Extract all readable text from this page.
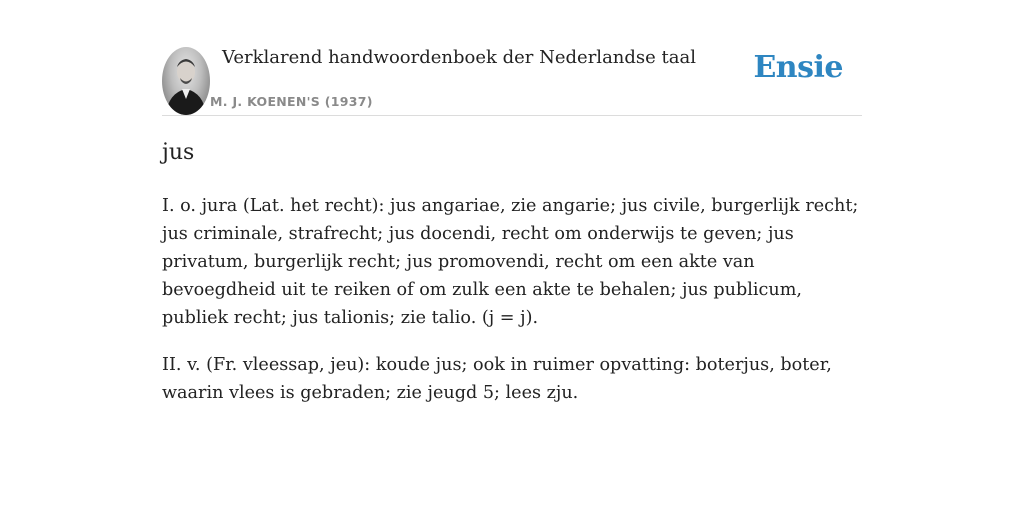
Verklarend handwoordenboek der Nederlandse taal
M. J. KOENEN'S (1937)
Ensie
jus

I. o. jura (Lat. het recht): jus angariae, zie angarie; jus civile, burgerlijk recht; jus criminale, strafrecht; jus docendi, recht om onderwijs te geven; jus privatum, burgerlijk recht; jus promovendi, recht om een akte van bevoegdheid uit te reiken of om zulk een akte te behalen; jus publicum, publiek recht; jus talionis; zie talio. (j = j).

II. v. (Fr. vleessap, jeu): koude jus; ook in ruimer opvatting: boterjus, boter, waarin vlees is gebraden; zie jeugd 5; lees zju.
